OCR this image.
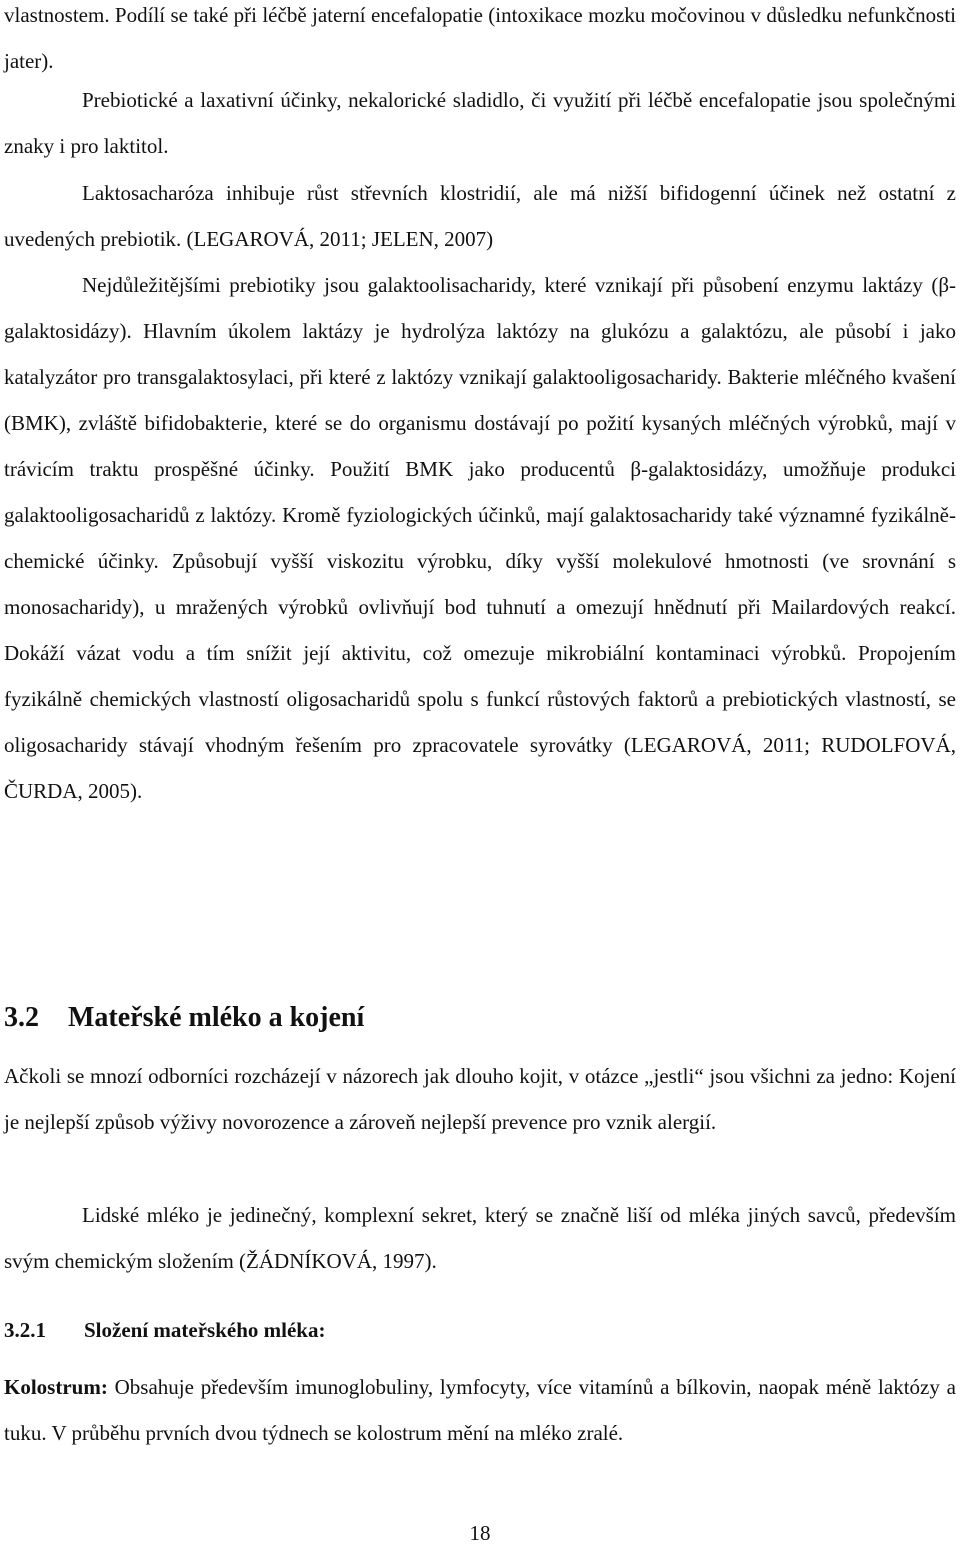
vlastnostem. Podílí se také při léčbě jaterní encefalopatie (intoxikace mozku močovinou v důsledku nefunkčnosti jater).

Prebiotické a laxativní účinky, nekalorické sladidlo, či využití při léčbě encefalopatie jsou společnými znaky i pro laktitol.

Laktosacharóza inhibuje růst střevních klostridií, ale má nižší bifidogenní účinek než ostatní z uvedených prebiotik. (LEGAROVÁ, 2011; JELEN, 2007)

Nejdůležitějšími prebiotiky jsou galaktoolisacharidy, které vznikají při působení enzymu laktázy (β-galaktosidázy). Hlavním úkolem laktázy je hydrolýza laktózy na glukózu a galaktózu, ale působí i jako katalyzátor pro transgalaktosylaci, při které z laktózy vznikají galaktooligosacharidy. Bakterie mléčného kvašení (BMK), zvláště bifidobakterie, které se do organismu dostávají po požití kysaných mléčných výrobků, mají v trávicím traktu prospěšné účinky. Použití BMK jako producentů β-galaktosidázy, umožňuje produkci galaktooligosacharidů z laktózy. Kromě fyziologických účinků, mají galaktosacharidy také významné fyzikálně-chemické účinky. Způsobují vyšší viskozitu výrobku, díky vyšší molekulové hmotnosti (ve srovnání s monosacharidy), u mražených výrobků ovlivňují bod tuhnutí a omezují hnědnutí při Mailardových reakcí. Dokáží vázat vodu a tím snížit její aktivitu, což omezuje mikrobiální kontaminaci výrobků. Propojením fyzikálně chemických vlastností oligosacharidů spolu s funkcí růstových faktorů a prebiotických vlastností, se oligosacharidy stávají vhodným řešením pro zpracovatele syrovátky (LEGAROVÁ, 2011; RUDOLFOVÁ, ČURDA, 2005).

3.2 Mateřské mléko a kojení

Ačkoli se mnozí odborníci rozcházejí v názorech jak dlouho kojit, v otázce „jestli“ jsou všichni za jedno: Kojení je nejlepší způsob výživy novorozence a zároveň nejlepší prevence pro vznik alergií.

Lidské mléko je jedinečný, komplexní sekret, který se značně liší od mléka jiných savců, především svým chemickým složením (ŽÁDNÍKOVÁ, 1997).

3.2.1 Složení mateřského mléka:

Kolostrum: Obsahuje především imunoglobuliny, lymfocyty, více vitamínů a bílkovin, naopak méně laktózy a tuku. V průběhu prvních dvou týdnech se kolostrum mění na mléko zralé.

18
